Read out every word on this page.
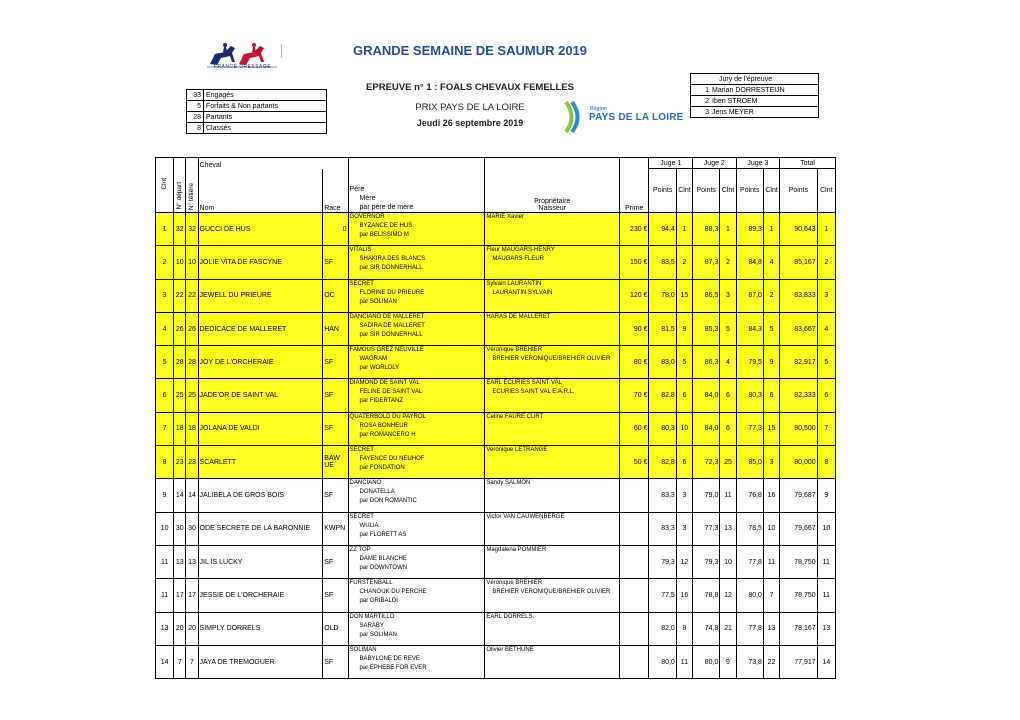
FRANCE DRESSAGE
GRANDE SEMAINE DE SAUMUR 2019
EPREUVE n° 1 : FOALS CHEVAUX FEMELLES
PRIX PAYS DE LA LOIRE
Jeudi 26 septembre 2019
Région
PAYS DE LA LOIRE
33	Engagés
5	Forfaits & Non partants
28	Partants
8	Classés
Jury de l'épreuve	
1	Marian DORRESTEIJN
2	Iben STROEM
3	Jens MEYER
Clnt	N° départ	N° têtière	Cheval		Père
Mère
par père de mère	Propriétaire
Naisseur	Prime	Juge 1		Juge 2		Juge 3		Total	

Nom	Race				Points	Clnt	Points	Clnt	Points	Clnt	Points	Clnt

1	32	32	GUCCI DE HUS	0	GOVERNOR
BYZANCE DE HUS
par BELISSIMO M	MARIE Xavier	230 €	94,4	1	88,3	1	89,3	1	90,643	1
2	10	10	JOLIE VITA DE FASCYNE	SF	VITALIS
SHAKIRA DES BLANCS
par SIR DONNERHALL	Fleur MAUGARS-HENRY
MAUGARS FLEUR	150 €	83,5	2	87,3	2	84,8	4	85,167	2
3	22	22	JEWELL DU PRIEURE	OC	SECRET
FLORINE DU PRIEURE
par SOLIMAN	Sylvain LAURANTIN
LAURANTIN SYLVAIN	120 €	78,0	15	86,5	3	87,0	2	83,833	3
4	26	26	DEDICACE DE MALLERET	HAN	DANCIANO DE MALLERET
SADIRA DE MALLERET
par SIR DONNERHALL	HARAS DE MALLERET	90 €	81,5	9	85,3	5	84,3	5	83,667	4
5	28	28	JOY DE L'ORCHERAIE	SF	FAMOUS GREZ NEUVILLE
WAGRAM
par WORLDLY	Véronique BREHIER
BREHIER VERONIQUE/BREHIER OLIVIER	80 €	83,0	5	86,3	4	79,5	9	82,917	5
6	25	25	JADE'OR DE SAINT VAL	SF	DIAMOND DE SAINT VAL
FELINE DE SAINT VAL
par FIDERTANZ	EARL ECURIES SAINT VAL
ECURIES SAINT VAL E.A.R.L.	70 €	82,8	6	84,0	6	80,3	6	82,333	6
7	18	18	JOLANA DE VALDI	SF	QUATERBOLD DU PAYROL
ROSA BONHEUR
par ROMANCERO H	Celine FAURE CURT	60 €	80,3	10	84,0	6	77,3	15	80,500	7
8	23	23	SCARLETT	BAW UE	SECRET
FAYENCE DU NEUHOF
par FONDATION	Veronique LETRANGE	50 €	82,8	6	72,3	25	85,0	3	80,000	8
9	14	14	JALIBELA DE GROS BOIS	SF	DANCIANO
DONATELLA
par DON ROMANTIC	Sandy SALMON		83,3	3	79,0	11	76,8	16	79,687	9
10	30	30	ODE SECRETE DE LA BARONNIE	KWPN	SECRET
WULIA
par FLORETT AS	Victor VAN CAUWENBERGE		83,3	3	77,3	13	78,5	10	79,667	10
11	13	13	JIL IS LUCKY	SF	ZZ TOP
DAME BLANCHE
par DOWNTOWN	Magdalena POMMIER		79,3	12	79,3	10	77,8	11	78,750	11
11	17	17	JESSIE DE L'ORCHERAIE	SF	FURSTENBALL
CHANOUK DU PERCHE
par GRIBALDI	Véronique BREHIER
BREHIER VERONIQUE/BREHIER OLIVIER		77,5	16	78,8	12	80,0	7	78,750	11
13	20	20	SIMPLY DORRELS	OLD	DON MARTILLO
SARABY
par SOLIMAN	EARL DORRELS.		82,0	8	74,8	21	77,8	13	78,167	13
14	7	7	JAYA DE TREMOGUER	SF	SOLIMAN
BABYLONE DE REVE
par EPHEBE FOR EVER	Olivier BÉTHUNE		80,0	11	80,0	9	73,8	22	77,917	14
